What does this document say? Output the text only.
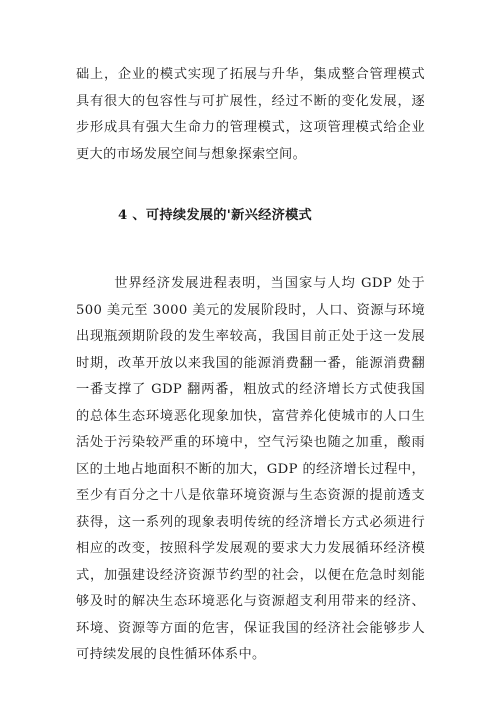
础上，企业的模式实现了拓展与升华，集成整合管理模式具有很大的包容性与可扩展性，经过不断的变化发展，逐步形成具有强大生命力的管理模式，这项管理模式给企业更大的市场发展空间与想象探索空间。

4 、可持续发展的'新兴经济模式

世界经济发展进程表明，当国家与人均 GDP 处于 500 美元至 3000 美元的发展阶段时，人口、资源与环境出现瓶颈期阶段的发生率较高，我国目前正处于这一发展时期，改革开放以来我国的能源消费翻一番，能源消费翻一番支撑了 GDP 翻两番，粗放式的经济增长方式使我国的总体生态环境恶化现象加快，富营养化使城市的人口生活处于污染较严重的环境中，空气污染也随之加重，酸雨区的土地占地面积不断的加大，GDP 的经济增长过程中，至少有百分之十八是依靠环境资源与生态资源的提前透支获得，这一系列的现象表明传统的经济增长方式必须进行相应的改变，按照科学发展观的要求大力发展循环经济模式，加强建设经济资源节约型的社会，以便在危急时刻能够及时的解决生态环境恶化与资源超支利用带来的经济、环境、资源等方面的危害，保证我国的经济社会能够步人可持续发展的良性循环体系中。
